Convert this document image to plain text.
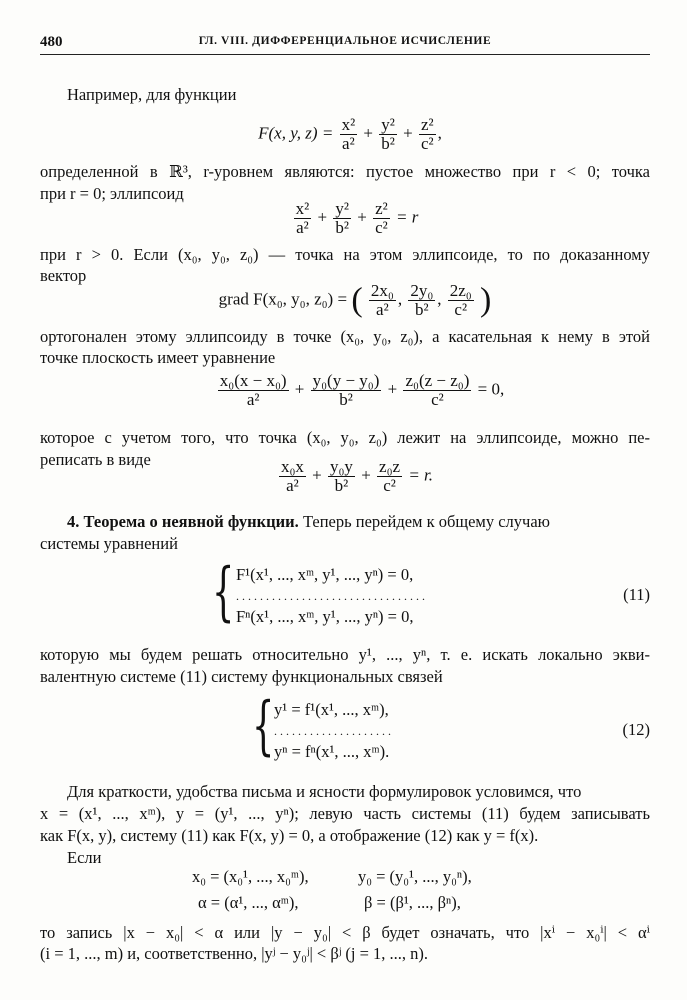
480	ГЛ. VIII. ДИФФЕРЕНЦИАЛЬНОЕ ИСЧИСЛЕНИЕ
Например, для функции
F(x, y, $z) = \frac{\text{x²}}{\text{a²}} + \frac{\text{y²}}{\text{b²}} + \frac{\text{z²}}{\text{c²}}$ ,
определенной в ℝ³, r-уровнем являются: пустое множество при r < 0; точка
при r = 0; эллипсоид
$\frac{\text{x²}}{\text{a²}} + \frac{\text{y²}}{\text{b²}} + \frac{\text{z²}}{\text{c²}} = r$
при r > 0. Если (x₀, y₀, z₀) — точка на этом эллипсоиде, то по доказанному
вектор
grad F(x₀, y₀, z₀) = ( $\frac{\text{2x₀}}{\text{a²}}$ , $\frac{\text{2y₀}}{\text{b²}}$ , $\frac{\text{2z₀}}{\text{c²}}$ )
ортогонален этому эллипсоиду в точке (x₀, y₀, z₀), а касательная к нему в этой
точке плоскость имеет уравнение
$\frac{\text{x₀(x − x₀)}}{\text{a²}} + \frac{\text{y₀(y − y₀)}}{\text{b²}} + \frac{\text{z₀(z − z₀)}}{\text{c²}} = 0$,
которое с учетом того, что точка (x₀, y₀, z₀) лежит на эллипсоиде, можно пе-
реписать в виде	$\frac{\text{x₀x}}{\text{a²}} + \frac{\text{y₀y}}{\text{b²}} + \frac{\text{z₀z}}{\text{c²}} = r$.
4. Теорема о неявной функции. Теперь перейдем к общему случаю
системы уравнений
{ F¹(x¹, ..., xᵐ, y¹, ..., yⁿ) = 0,
................................
Fⁿ(x¹, ..., xᵐ, y¹, ..., yⁿ) = 0,
(11)
которую мы будем решать относительно y¹, ..., yⁿ, т. е. искать локально экви-
валентную системе (11) систему функциональных связей
{ y¹ = f¹(x¹, ..., xᵐ),
....................
yⁿ = fⁿ(x¹, ..., xᵐ).
(12)
Для краткости, удобства письма и ясности формулировок условимся, что
x = (x¹, ..., xᵐ), y = (y¹, ..., yⁿ); левую часть системы (11) будем записывать
как F(x, y), систему (11) как F(x, y) = 0, а отображение (12) как y = f(x).
Если
x₀ = (x₀¹, ..., x₀ᵐ),	y₀ = (y₀¹, ..., y₀ⁿ),
α = (α¹, ..., αᵐ),	β = (β¹, ..., βⁿ),
то запись |x − x₀| < α или |y − y₀| < β будет означать, что |xⁱ − x₀ⁱ| < αⁱ
(i = 1, ..., m) и, соответственно, |yʲ − y₀ʲ| < βʲ (j = 1, ..., n).
